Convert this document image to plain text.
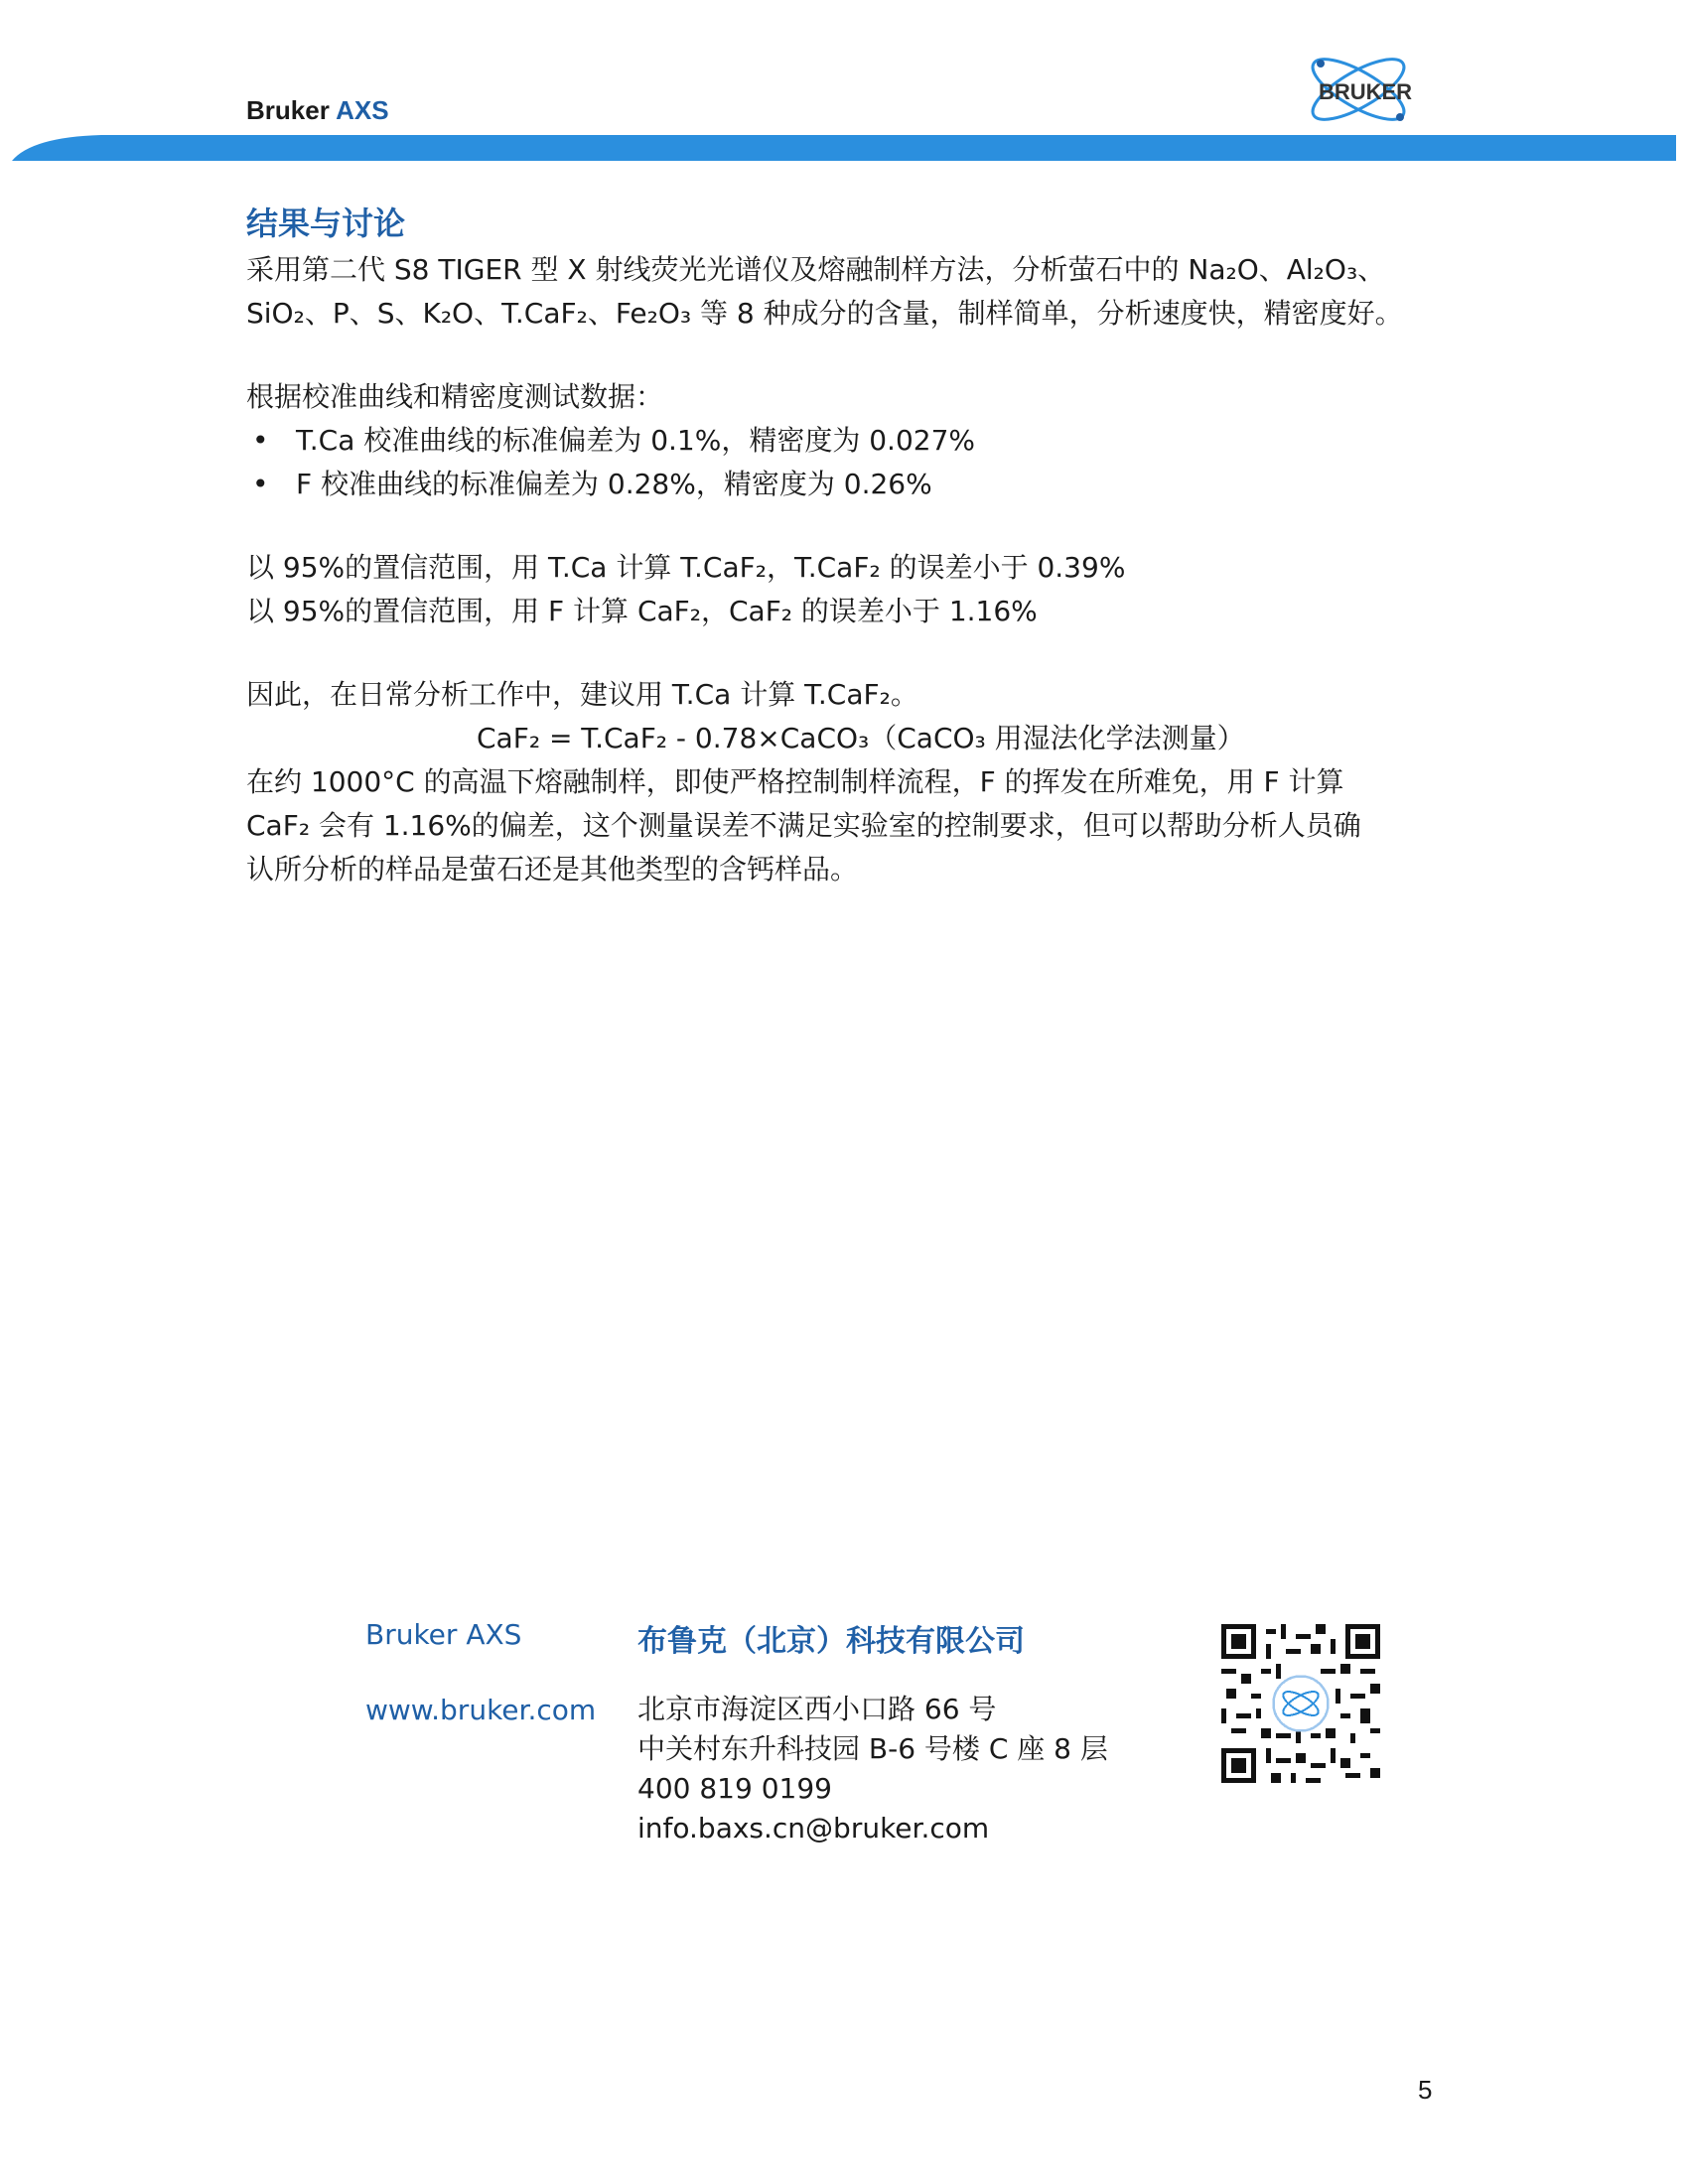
Bruker AXS
BRUKER
结果与讨论

采用第二代 S8 TIGER 型 X 射线荧光光谱仪及熔融制样方法，分析萤石中的 Na₂O、Al₂O₃、

SiO₂、P、S、K₂O、T.CaF₂、Fe₂O₃ 等 8 种成分的含量，制样简单，分析速度快，精密度好。

根据校准曲线和精密度测试数据：

• T.Ca 校准曲线的标准偏差为 0.1%，精密度为 0.027%
• F 校准曲线的标准偏差为 0.28%，精密度为 0.26%

以 95%的置信范围，用 T.Ca 计算 T.CaF₂，T.CaF₂ 的误差小于 0.39%

以 95%的置信范围，用 F 计算 CaF₂，CaF₂ 的误差小于 1.16%

因此，在日常分析工作中，建议用 T.Ca 计算 T.CaF₂。

CaF₂ = T.CaF₂ - 0.78×CaCO₃（CaCO₃ 用湿法化学法测量）

在约 1000°C 的高温下熔融制样，即使严格控制制样流程，F 的挥发在所难免，用 F 计算

CaF₂ 会有 1.16%的偏差，这个测量误差不满足实验室的控制要求，但可以帮助分析人员确

认所分析的样品是萤石还是其他类型的含钙样品。

Bruker AXS
www.bruker.com
布鲁克（北京）科技有限公司
北京市海淀区西小口路 66 号
中关村东升科技园 B-6 号楼 C 座 8 层
400 819 0199
info.baxs.cn@bruker.com
5
